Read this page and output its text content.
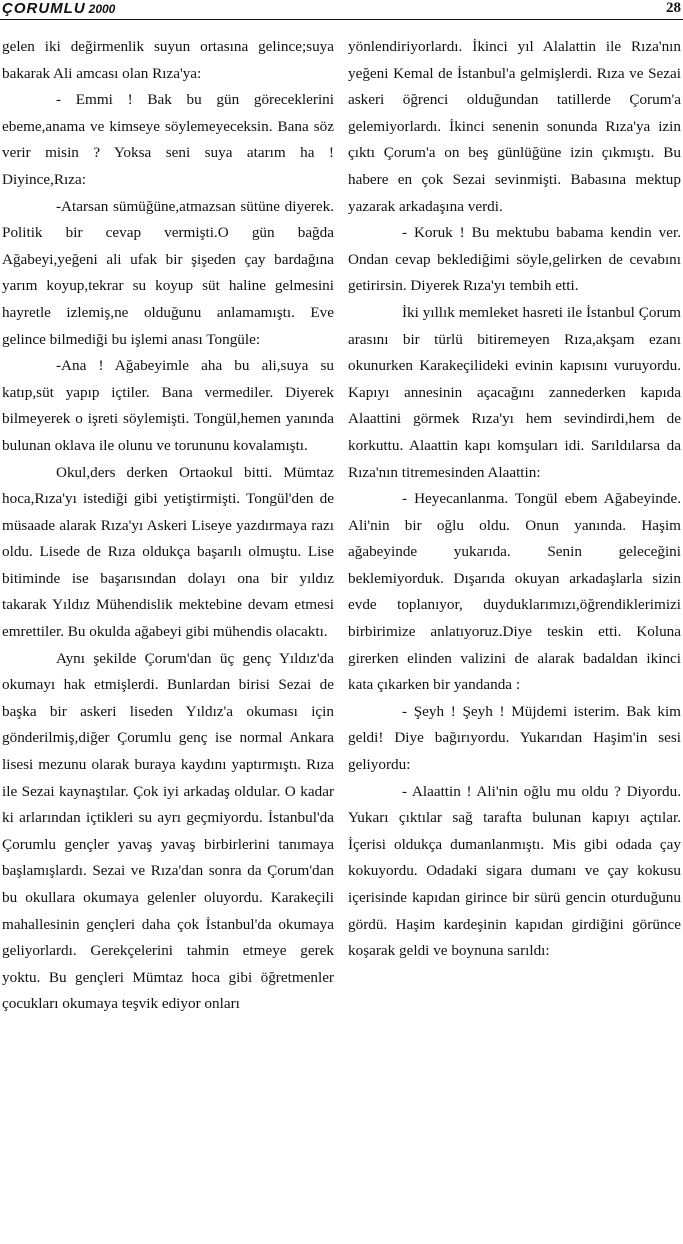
ÇORUMLU 2000	28

gelen iki değirmenlik suyun ortasına gelince;suya bakarak Ali amcası olan Rıza'ya:

- Emmi ! Bak bu gün göreceklerini ebeme,anama ve kimseye söylemeyeceksin. Bana söz verir misin ? Yoksa seni suya atarım ha ! Diyince,Rıza:

-Atarsan sümüğüne,atmazsan sütüne diyerek. Politik bir cevap vermişti.O gün bağda Ağabeyi,yeğeni ali ufak bir şişeden çay bardağına yarım koyup,tekrar su koyup süt haline gelmesini hayretle izlemiş,ne olduğunu anlamamıştı. Eve gelince bilmediği bu işlemi anası Tongüle:

-Ana ! Ağabeyimle aha bu ali,suya su katıp,süt yapıp içtiler. Bana vermediler. Diyerek bilmeyerek o işreti söylemişti. Tongül,hemen yanında bulunan oklava ile olunu ve torununu kovalamıştı.

Okul,ders derken Ortaokul bitti. Mümtaz hoca,Rıza'yı istediği gibi yetiştirmişti. Tongül'den de müsaade alarak Rıza'yı Askeri Liseye yazdırmaya razı oldu. Lisede de Rıza oldukça başarılı olmuştu. Lise bitiminde ise başarısından dolayı ona bir yıldız takarak Yıldız Mühendislik mektebine devam etmesi emrettiler. Bu okulda ağabeyi gibi mühendis olacaktı.

Aynı şekilde Çorum'dan üç genç Yıldız'da okumayı hak etmişlerdi. Bunlardan birisi Sezai de başka bir askeri liseden Yıldız'a okuması için gönderilmiş,diğer Çorumlu genç ise normal Ankara lisesi mezunu olarak buraya kaydını yaptırmıştı. Rıza ile Sezai kaynaştılar. Çok iyi arkadaş oldular. O kadar ki arlarından içtikleri su ayrı geçmiyordu. İstanbul'da Çorumlu gençler yavaş yavaş birbirlerini tanımaya başlamışlardı. Sezai ve Rıza'dan sonra da Çorum'dan bu okullara okumaya gelenler oluyordu. Karakeçili mahallesinin gençleri daha çok İstanbul'da okumaya geliyorlardı. Gerekçelerini tahmin etmeye gerek yoktu. Bu gençleri Mümtaz hoca gibi öğretmenler çocukları okumaya teşvik ediyor onları

yönlendiriyorlardı. İkinci yıl Alalattin ile Rıza'nın yeğeni Kemal de İstanbul'a gelmişlerdi. Rıza ve Sezai askeri öğrenci olduğundan tatillerde Çorum'a gelemiyorlardı. İkinci senenin sonunda Rıza'ya izin çıktı Çorum'a on beş günlüğüne izin çıkmıştı. Bu habere en çok Sezai sevinmişti. Babasına mektup yazarak arkadaşına verdi.

- Koruk ! Bu mektubu babama kendin ver. Ondan cevap beklediğimi söyle,gelirken de cevabını getirirsin. Diyerek Rıza'yı tembih etti.

İki yıllık memleket hasreti ile İstanbul Çorum arasını bir türlü bitiremeyen Rıza,akşam ezanı okunurken Karakeçilideki evinin kapısını vuruyordu. Kapıyı annesinin açacağını zannederken kapıda Alaattini görmek Rıza'yı hem sevindirdi,hem de korkuttu. Alaattin kapı komşuları idi. Sarıldılarsa da Rıza'nın titremesinden Alaattin:

- Heyecanlanma. Tongül ebem Ağabeyinde. Ali'nin bir oğlu oldu. Onun yanında. Haşim ağabeyinde yukarıda. Senin geleceğini beklemiyorduk. Dışarıda okuyan arkadaşlarla sizin evde toplanıyor, duyduklarımızı,öğrendiklerimizi birbirimize anlatıyoruz.Diye teskin etti. Koluna girerken elinden valizini de alarak badaldan ikinci kata çıkarken bir yandanda :

- Şeyh ! Şeyh ! Müjdemi isterim. Bak kim geldi! Diye bağırıyordu. Yukarıdan Haşim'in sesi geliyordu:

- Alaattin ! Ali'nin oğlu mu oldu ? Diyordu. Yukarı çıktılar sağ tarafta bulunan kapıyı açtılar. İçerisi oldukça dumanlanmıştı. Mis gibi odada çay kokuyordu. Odadaki sigara dumanı ve çay kokusu içerisinde kapıdan girince bir sürü gencin oturduğunu gördü. Haşim kardeşinin kapıdan girdiğini görünce koşarak geldi ve boynuna sarıldı:
